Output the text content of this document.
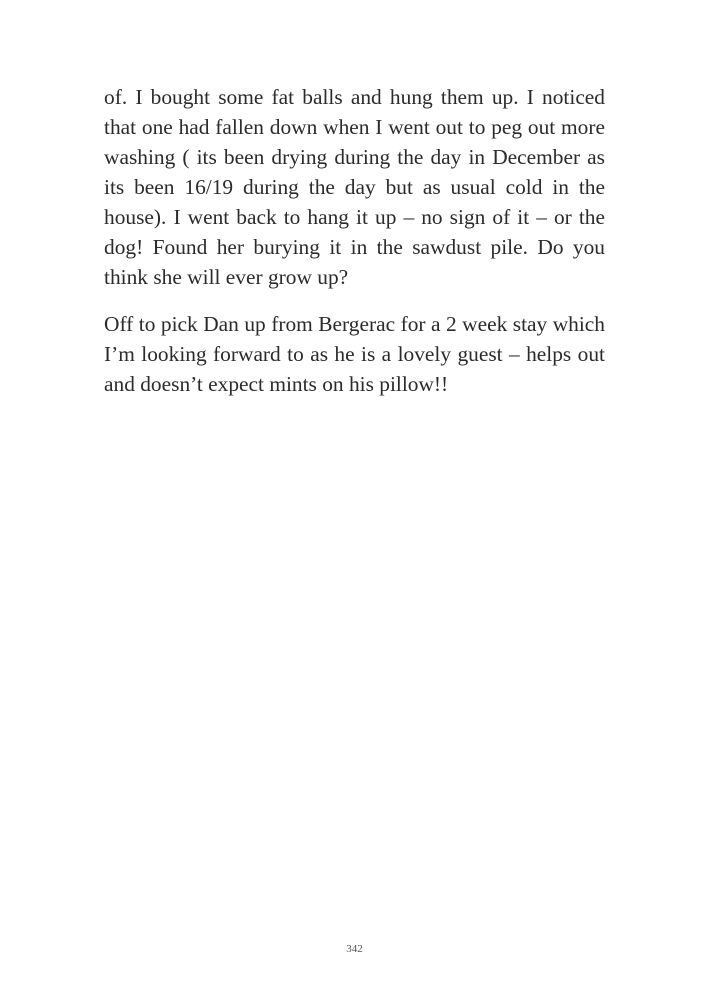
of. I bought some fat balls and hung them up. I noticed that one had fallen down when I went out to peg out more washing ( its been drying during the day in December as its been 16/19 during the day but as usual cold in the house). I went back to hang it up – no sign of it – or the dog! Found her burying it in the sawdust pile. Do you think she will ever grow up?

Off to pick Dan up from Bergerac for a 2 week stay which I’m looking forward to as he is a lovely guest – helps out and doesn’t expect mints on his pillow!!

342
